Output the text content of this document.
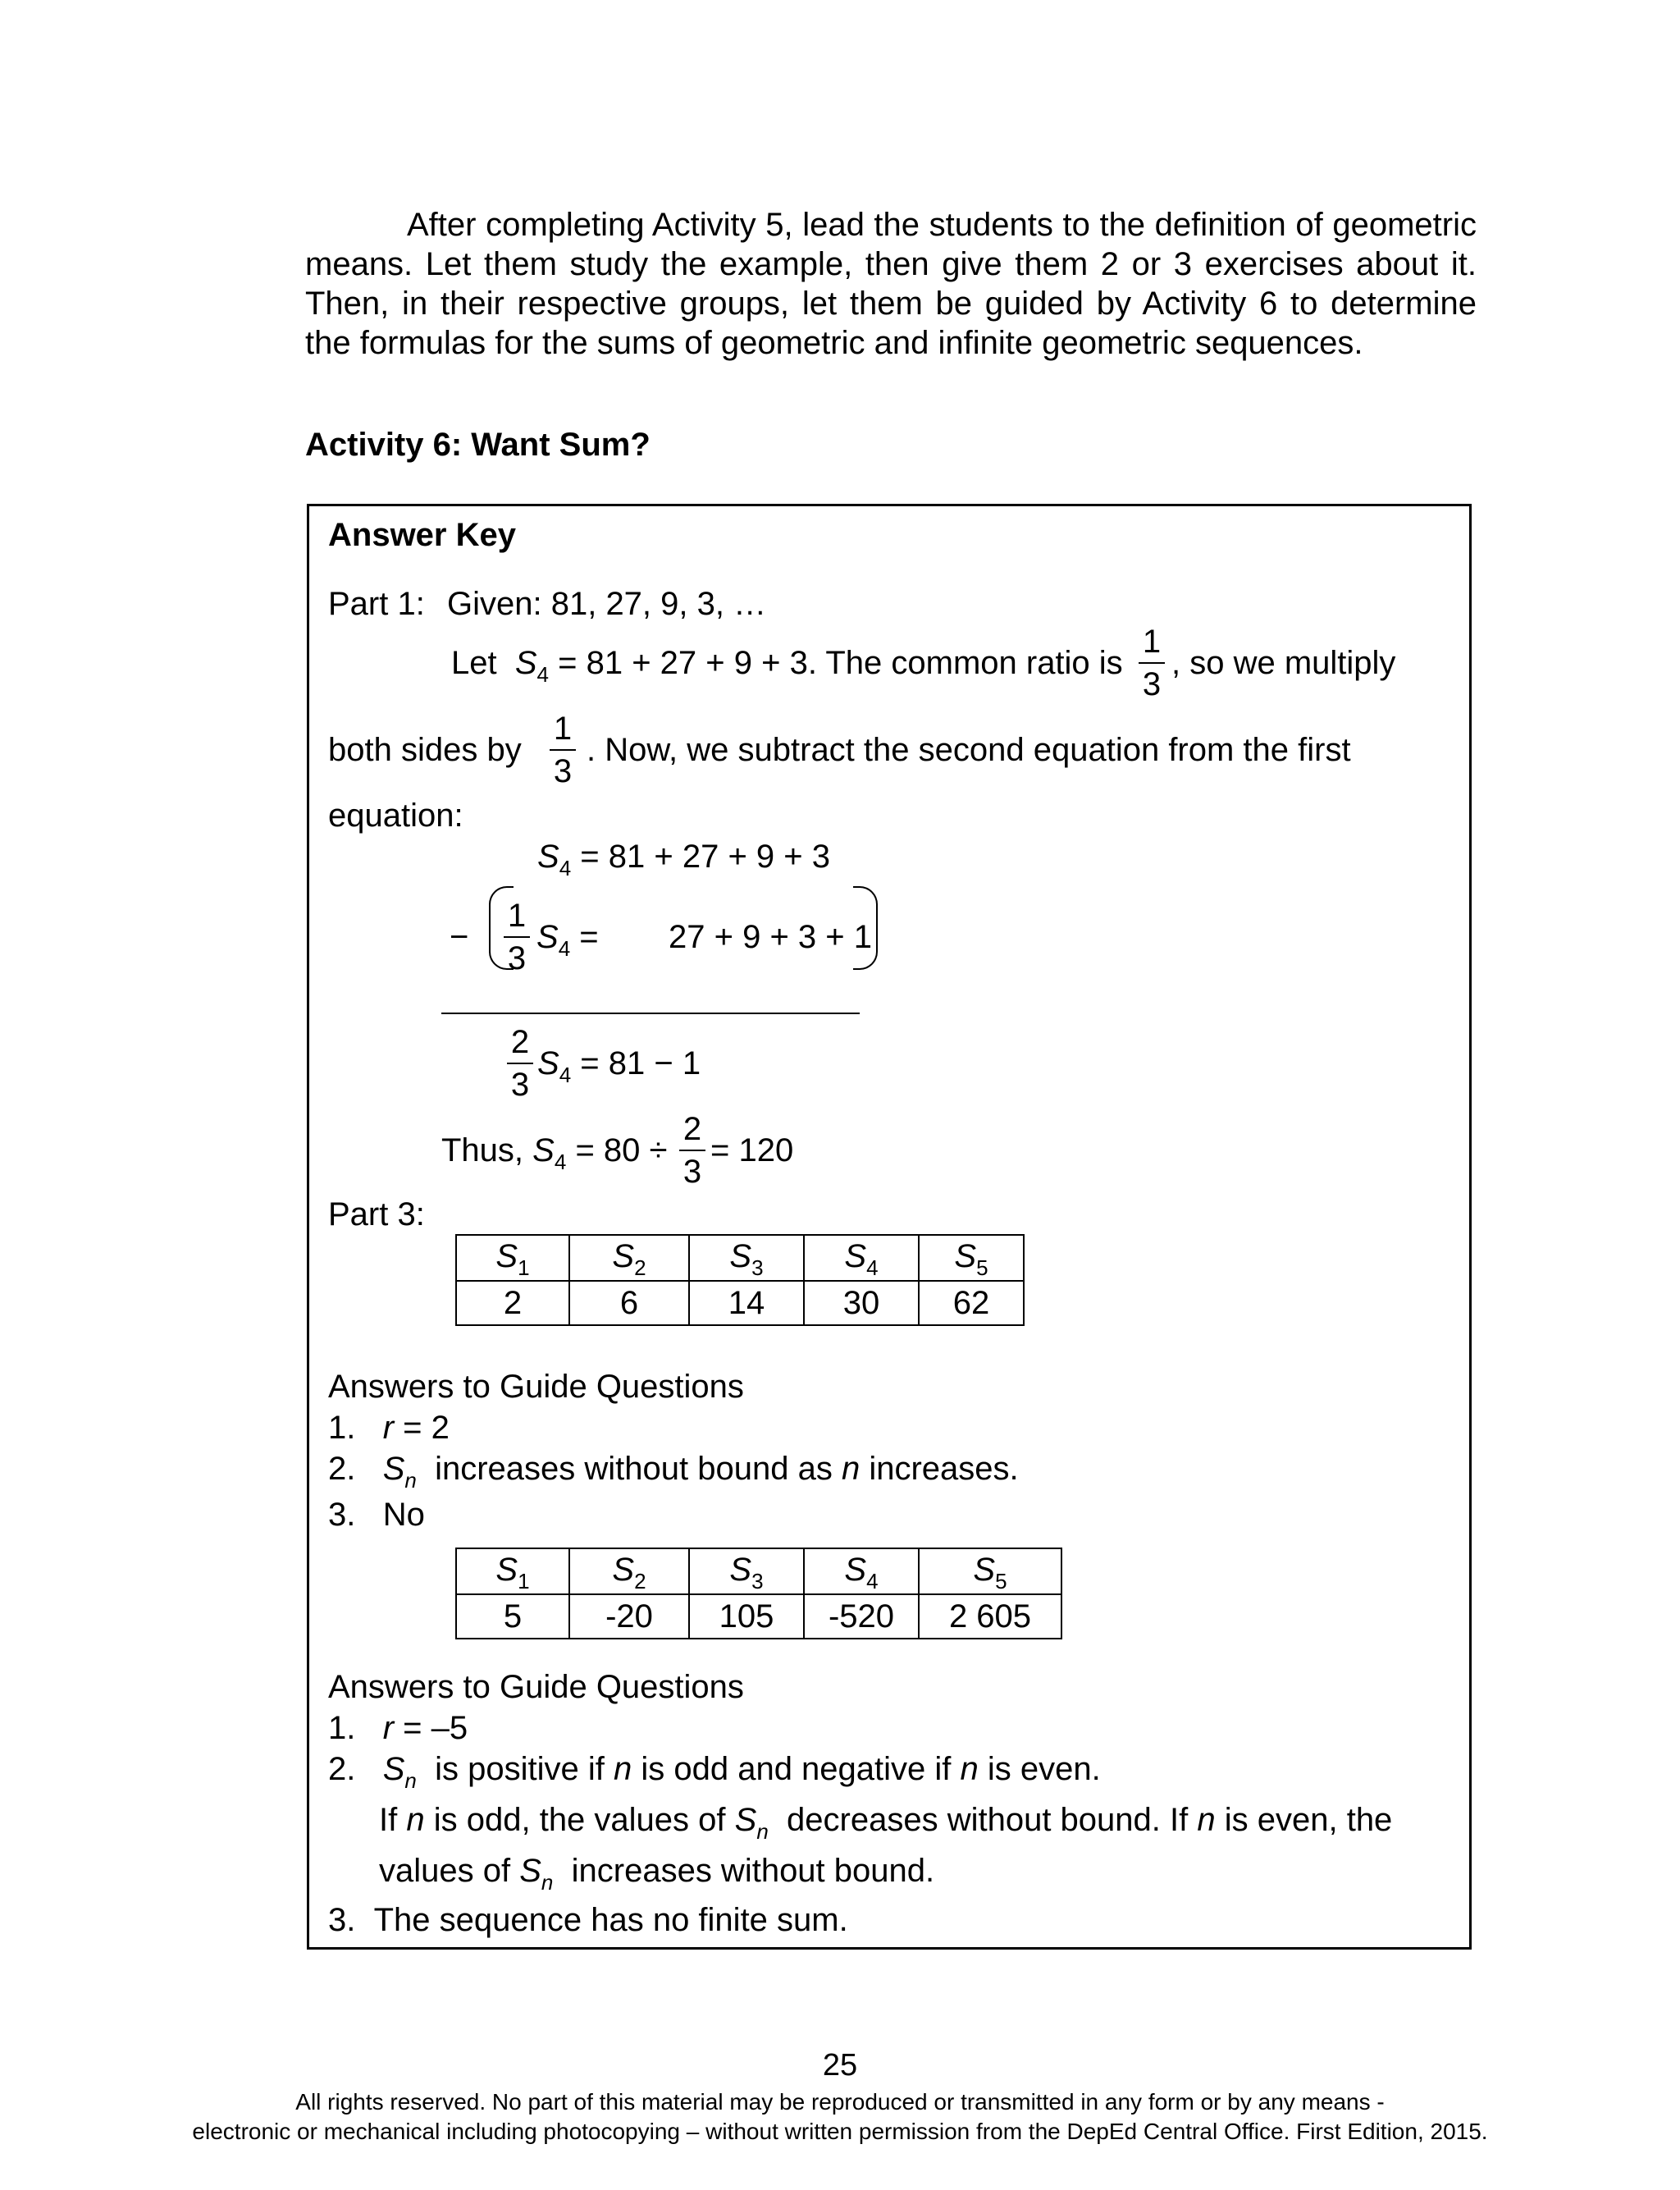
After completing Activity 5, lead the students to the definition of geometric means. Let them study the example, then give them 2 or 3 exercises about it. Then, in their respective groups, let them be guided by Activity 6 to determine the formulas for the sums of geometric and infinite geometric sequences.

Activity 6: Want Sum?
Answer Key
Part 1: Given: 81, 27, 9, 3, …
Let $S_4 = 81 + 27 + 9 + 3$. The common ratio is
1
3
, so we multiply
both sides by
1
3
. Now, we subtract the second equation from the first
equation:
$S_4 = 81 + 27 + 9 + 3$
−
1
3
$S_4 = 27 + 9 + 3 + 1$
2
3
$S_4 = 81 - 1$
Thus, $S_4 = 80$ ÷
2
3
= 120
Part 3:
$S_1$	$S_2$	$S_3$	$S_4$	$S_5$
2	6	14	30	62
Answers to Guide Questions
1. r = 2
2. $S_n$ increases without bound as n increases.
3. No
$S_1$	$S_2$	$S_3$	$S_4$	$S_5$
5	-20	105	-520	2 605
Answers to Guide Questions
1. r = –5
2. $S_n$ is positive if n is odd and negative if n is even.
If n is odd, the values of $S_n$ decreases without bound. If n is even, the
values of $S_n$ increases without bound.
3. The sequence has no finite sum.
25
All rights reserved. No part of this material may be reproduced or transmitted in any form or by any means -
electronic or mechanical including photocopying – without written permission from the DepEd Central Office. First Edition, 2015.
